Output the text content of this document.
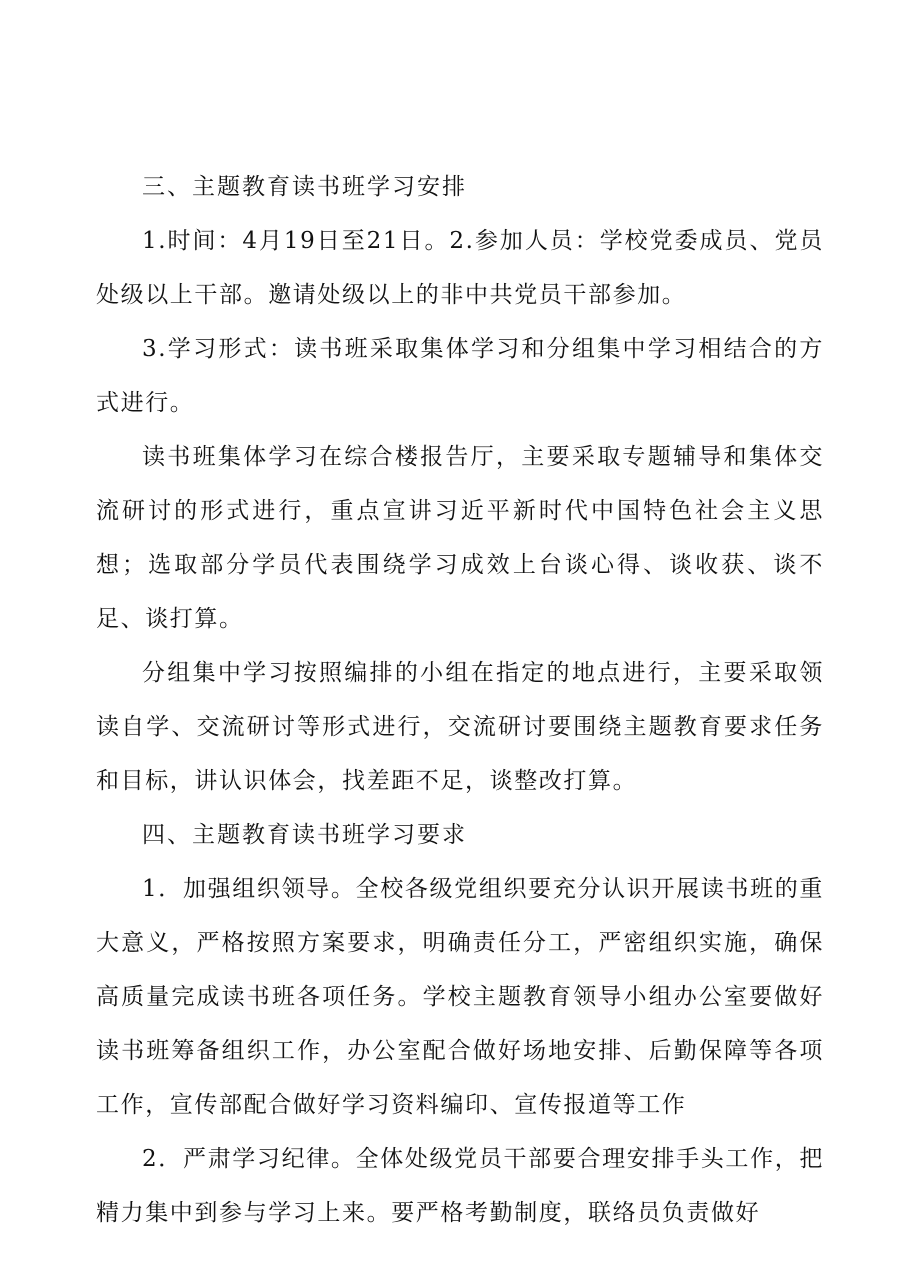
三、主题教育读书班学习安排

1.时间：4月19日至21日。2.参加人员：学校党委成员、党员处级以上干部。邀请处级以上的非中共党员干部参加。

3.学习形式：读书班采取集体学习和分组集中学习相结合的方式进行。

读书班集体学习在综合楼报告厅，主要采取专题辅导和集体交流研讨的形式进行，重点宣讲习近平新时代中国特色社会主义思想；选取部分学员代表围绕学习成效上台谈心得、谈收获、谈不足、谈打算。

分组集中学习按照编排的小组在指定的地点进行，主要采取领读自学、交流研讨等形式进行，交流研讨要围绕主题教育要求任务和目标，讲认识体会，找差距不足，谈整改打算。

四、主题教育读书班学习要求

1．加强组织领导。全校各级党组织要充分认识开展读书班的重大意义，严格按照方案要求，明确责任分工，严密组织实施，确保高质量完成读书班各项任务。学校主题教育领导小组办公室要做好读书班筹备组织工作，办公室配合做好场地安排、后勤保障等各项工作，宣传部配合做好学习资料编印、宣传报道等工作

2．严肃学习纪律。全体处级党员干部要合理安排手头工作，把精力集中到参与学习上来。要严格考勤制度，联络员负责做好
